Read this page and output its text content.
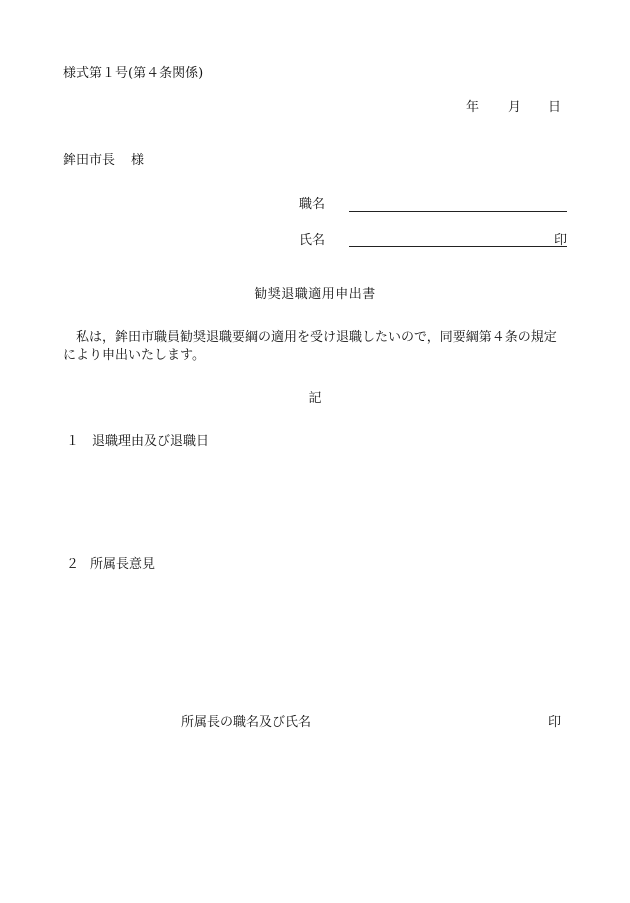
様式第１号(第４条関係)
年 月 日
鉾田市長 様
職名
氏名	印
勧奨退職適用申出書
私は，鉾田市職員勧奨退職要綱の適用を受け退職したいので，同要綱第４条の規定により申出いたします。
記
１ 退職理由及び退職日
２ 所属長意見
所属長の職名及び氏名	印
